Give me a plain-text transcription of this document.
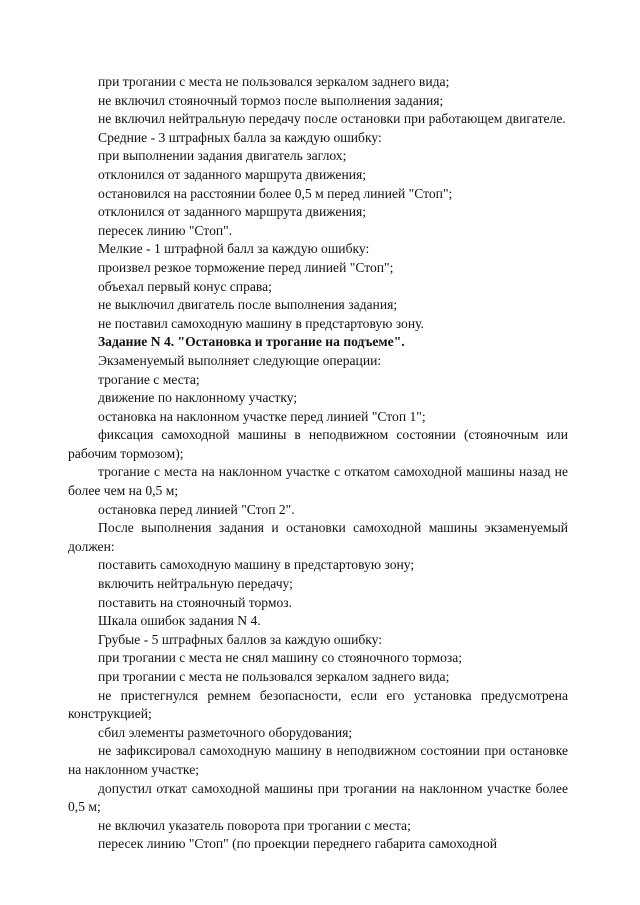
при трогании с места не пользовался зеркалом заднего вида;

не включил стояночный тормоз после выполнения задания;

не включил нейтральную передачу после остановки при работающем двигателе.

Средние - 3 штрафных балла за каждую ошибку:

при выполнении задания двигатель заглох;

отклонился от заданного маршрута движения;

остановился на расстоянии более 0,5 м перед линией "Стоп";

отклонился от заданного маршрута движения;

пересек линию "Стоп".

Мелкие - 1 штрафной балл за каждую ошибку:

произвел резкое торможение перед линией "Стоп";

объехал первый конус справа;

не выключил двигатель после выполнения задания;

не поставил самоходную машину в предстартовую зону.

Задание N 4. "Остановка и трогание на подъеме".

Экзаменуемый выполняет следующие операции:

трогание с места;

движение по наклонному участку;

остановка на наклонном участке перед линией "Стоп 1";

фиксация самоходной машины в неподвижном состоянии (стояночным или рабочим тормозом);

трогание с места на наклонном участке с откатом самоходной машины назад не более чем на 0,5 м;

остановка перед линией "Стоп 2".

После выполнения задания и остановки самоходной машины экзаменуемый должен:

поставить самоходную машину в предстартовую зону;

включить нейтральную передачу;

поставить на стояночный тормоз.

Шкала ошибок задания N 4.

Грубые - 5 штрафных баллов за каждую ошибку:

при трогании с места не снял машину со стояночного тормоза;

при трогании с места не пользовался зеркалом заднего вида;

не пристегнулся ремнем безопасности, если его установка предусмотрена конструкцией;

сбил элементы разметочного оборудования;

не зафиксировал самоходную машину в неподвижном состоянии при остановке на наклонном участке;

допустил откат самоходной машины при трогании на наклонном участке более 0,5 м;

не включил указатель поворота при трогании с места;

пересек линию "Стоп" (по проекции переднего габарита самоходной
